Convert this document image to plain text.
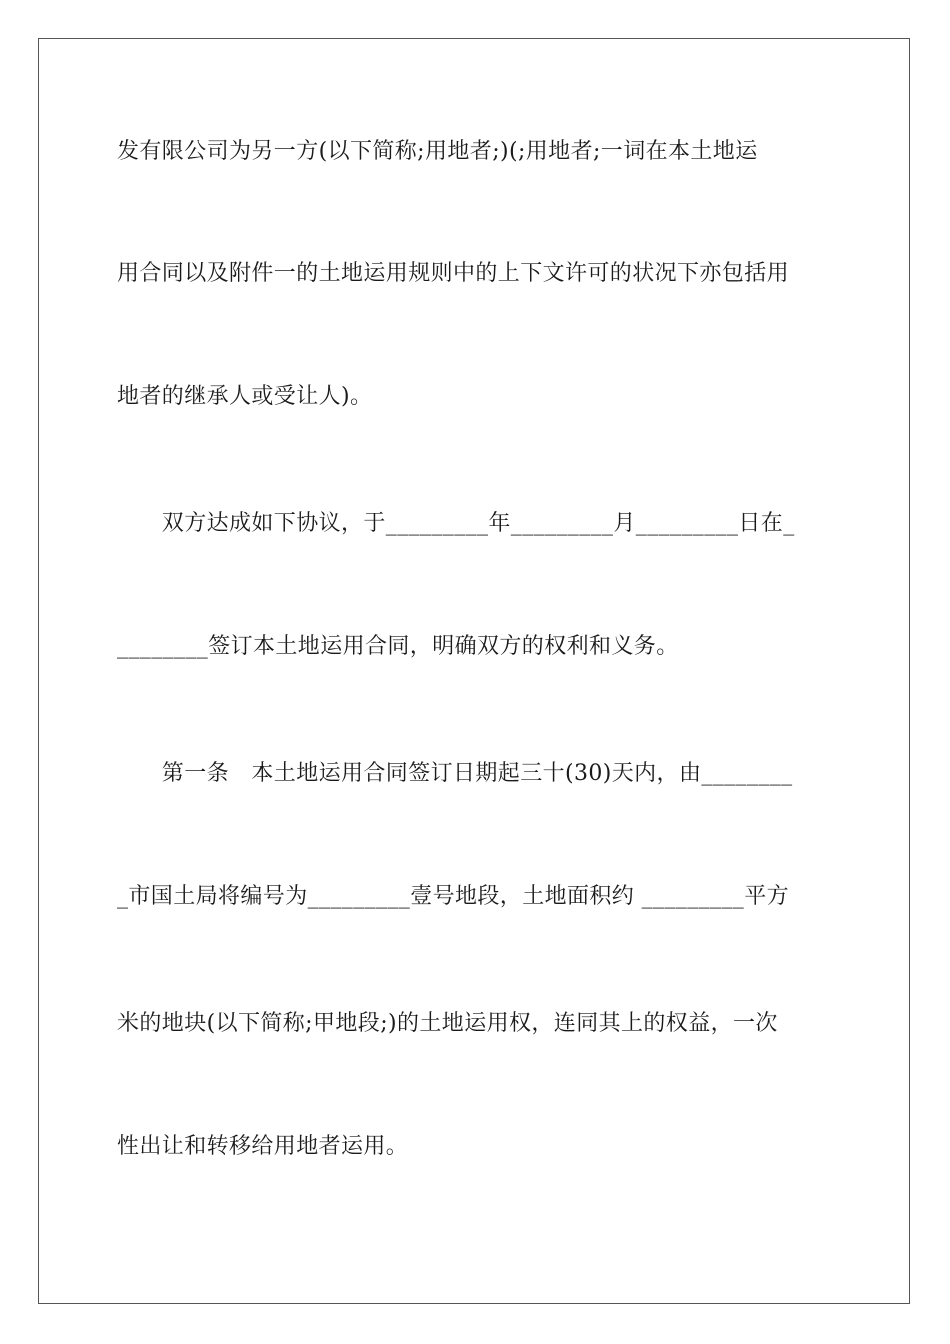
发有限公司为另一方(以下简称;用地者;)(;用地者;一词在本土地运
用合同以及附件一的土地运用规则中的上下文许可的状况下亦包括用
地者的继承人或受让人)。
　　双方达成如下协议，于_________年_________月_________日在_
________签订本土地运用合同，明确双方的权利和义务。
　　第一条　本土地运用合同签订日期起三十(30)天内，由________
_市国土局将编号为_________壹号地段，土地面积约 _________平方
米的地块(以下简称;甲地段;)的土地运用权，连同其上的权益，一次
性出让和转移给用地者运用。
